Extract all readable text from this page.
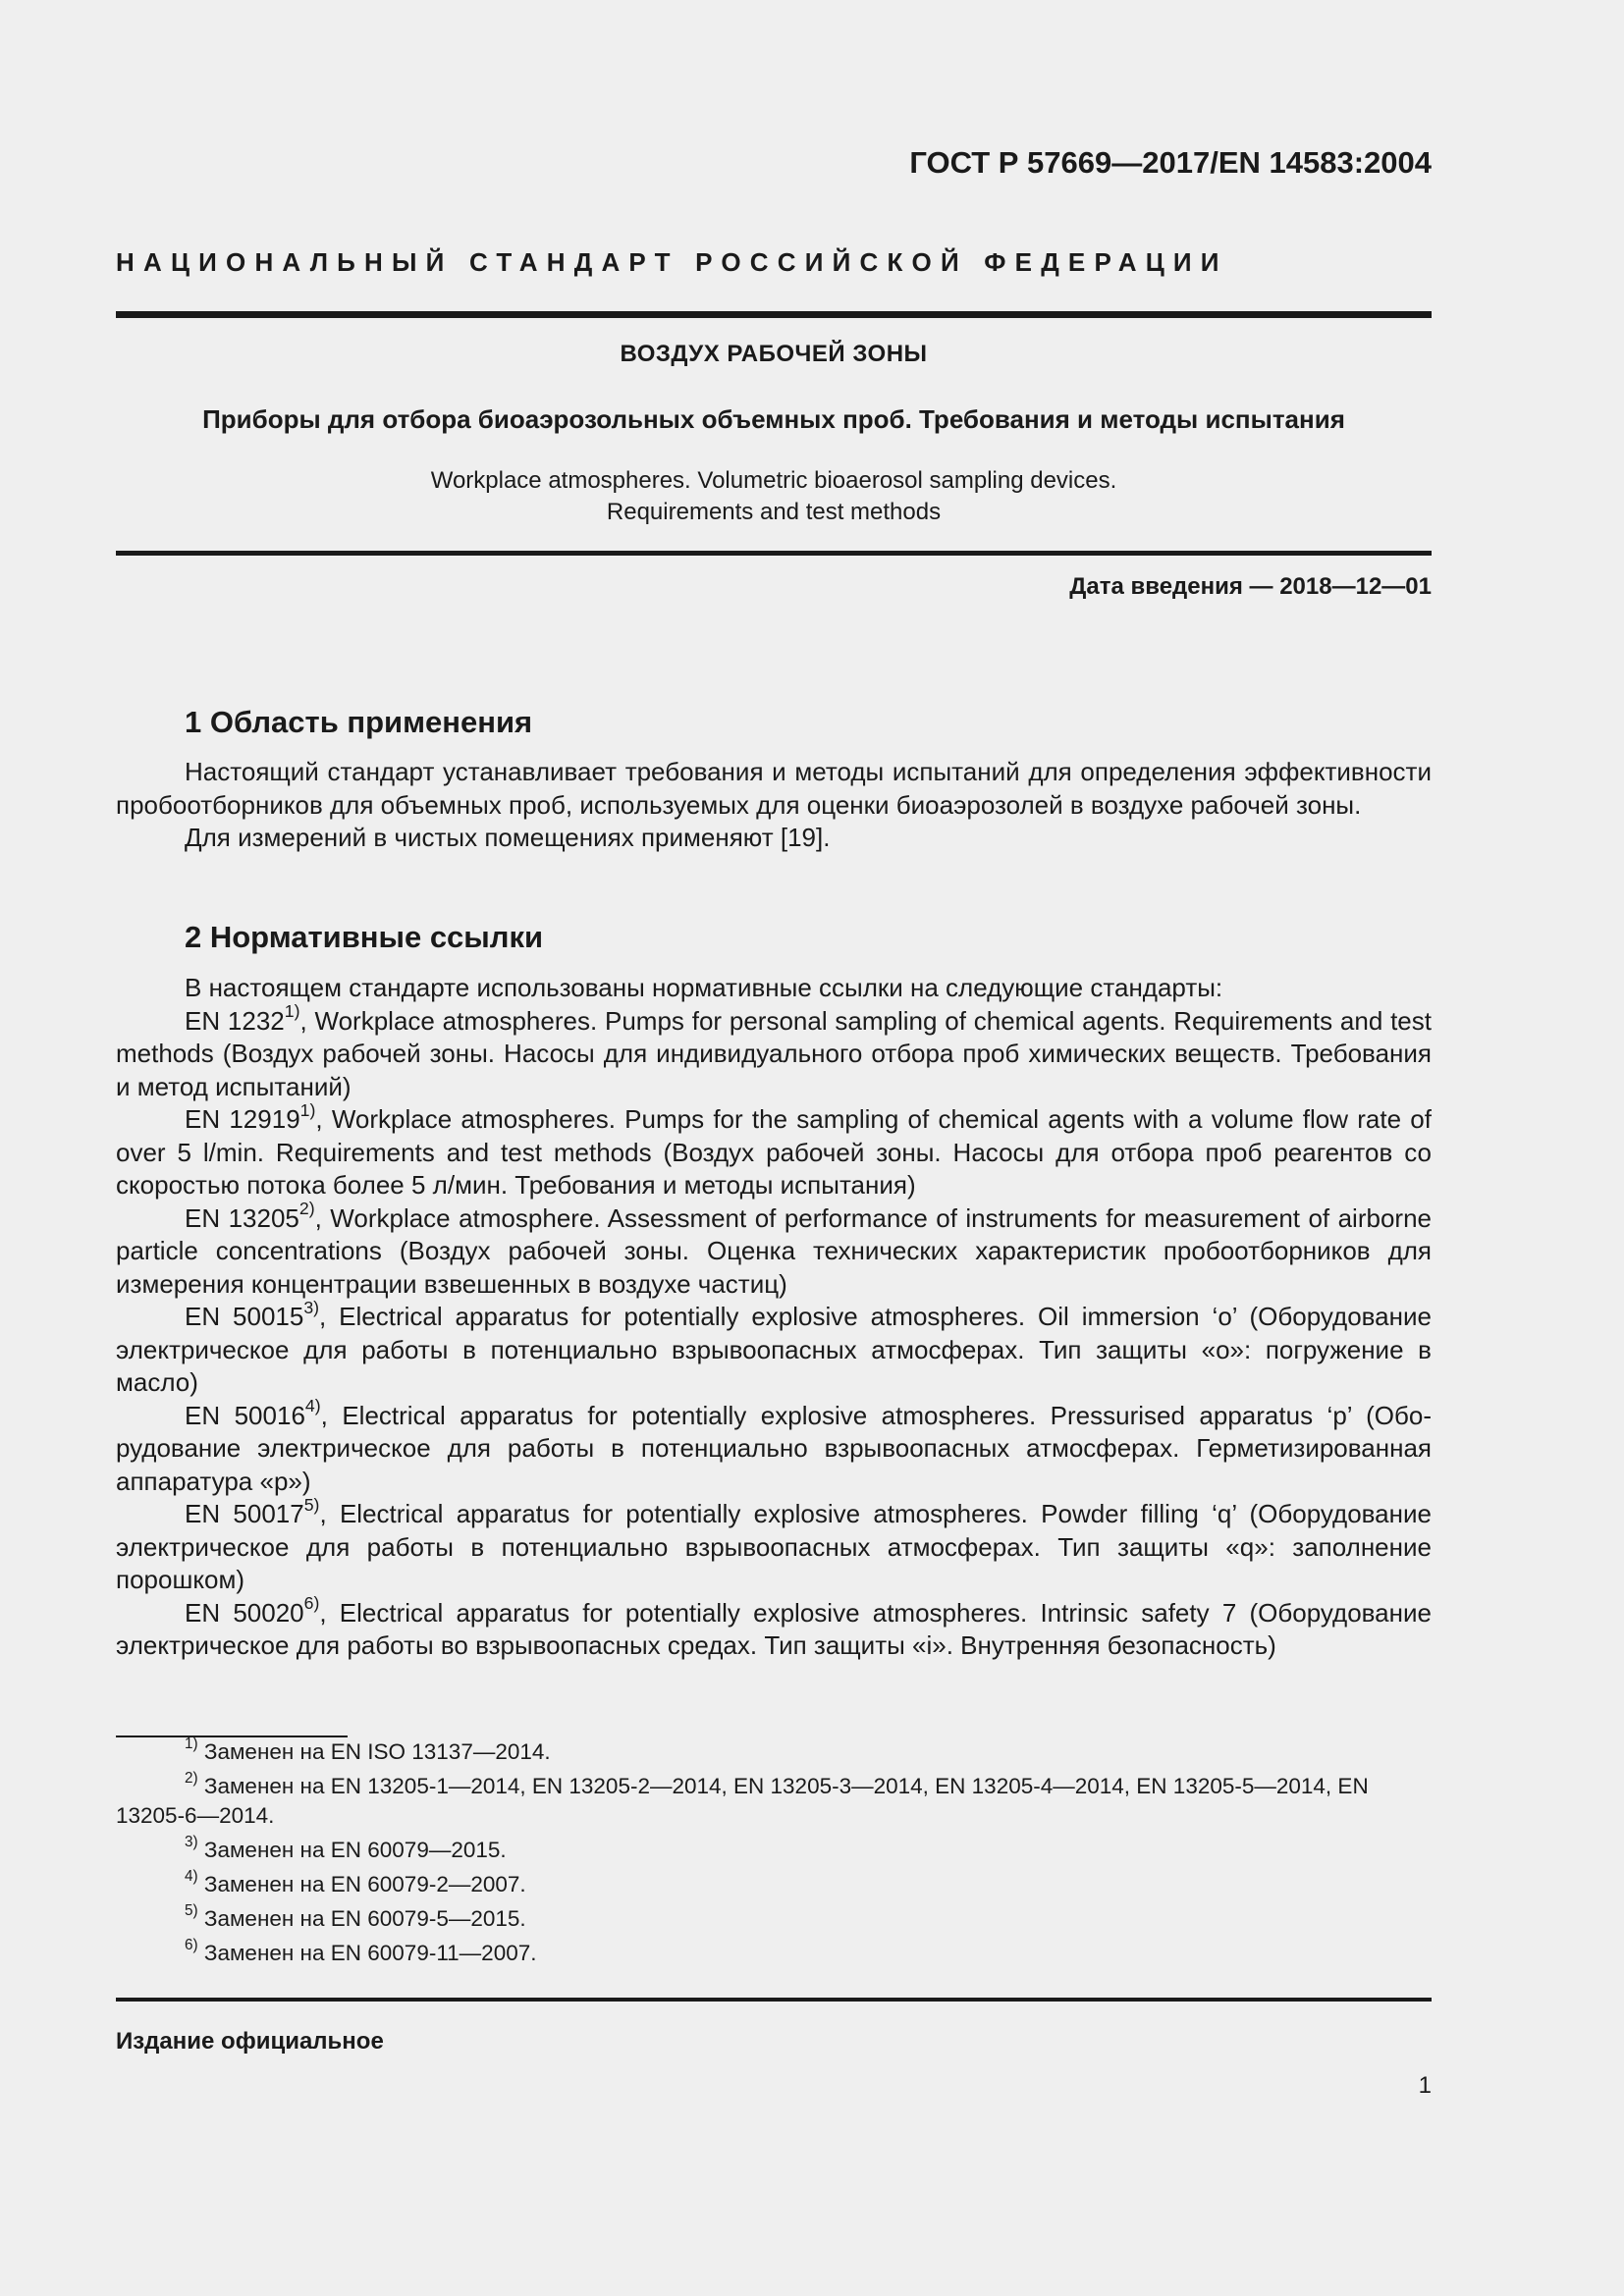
ГОСТ Р 57669—2017/EN 14583:2004
НАЦИОНАЛЬНЫЙ СТАНДАРТ РОССИЙСКОЙ ФЕДЕРАЦИИ
ВОЗДУХ РАБОЧЕЙ ЗОНЫ
Приборы для отбора биоаэрозольных объемных проб. Требования и методы испытания
Workplace atmospheres. Volumetric bioaerosol sampling devices.
Requirements and test methods
Дата введения — 2018—12—01
1 Область применения

Настоящий стандарт устанавливает требования и методы испытаний для определения эффективности пробоотборников для объемных проб, используемых для оценки биоаэрозолей в воздухе рабочей зоны.

Для измерений в чистых помещениях применяют [19].

2 Нормативные ссылки

В настоящем стандарте использованы нормативные ссылки на следующие стандарты:

EN 1232$^{1)}$, Workplace atmospheres. Pumps for personal sampling of chemical agents. Requirements and test methods (Воздух рабочей зоны. Насосы для индивидуального отбора проб химических веществ. Требования и метод испытаний)

EN 12919$^{1)}$, Workplace atmospheres. Pumps for the sampling of chemical agents with a volume flow rate of over 5 l/min. Requirements and test methods (Воздух рабочей зоны. Насосы для отбора проб реагентов со скоростью потока более 5 л/мин. Требования и методы испытания)

EN 13205$^{2)}$, Workplace atmosphere. Assessment of performance of instruments for measurement of airborne particle concentrations (Воздух рабочей зоны. Оценка технических характеристик пробоотборников для измерения концентрации взвешенных в воздухе частиц)

EN 50015$^{3)}$, Electrical apparatus for potentially explosive atmospheres. Oil immersion ‘o’ (Оборудование электрическое для работы в потенциально взрывоопасных атмосферах. Тип защиты «о»: погружение в масло)

EN 50016$^{4)}$, Electrical apparatus for potentially explosive atmospheres. Pressurised apparatus ‘p’ (Оборудование электрическое для работы в потенциально взрывоопасных атмосферах. Герметизированная аппаратура «р»)

EN 50017$^{5)}$, Electrical apparatus for potentially explosive atmospheres. Powder filling ‘q’ (Оборудование электрическое для работы в потенциально взрывоопасных атмосферах. Тип защиты «q»: заполнение порошком)

EN 50020$^{6)}$, Electrical apparatus for potentially explosive atmospheres. Intrinsic safety 7 (Оборудование электрическое для работы во взрывоопасных средах. Тип защиты «i». Внутренняя безопасность)

$^{1)}$ Заменен на EN ISO 13137—2014.

$^{2)}$ Заменен на EN 13205-1—2014, EN 13205-2—2014, EN 13205-3—2014, EN 13205-4—2014, EN 13205-5—2014, EN 13205-6—2014.

$^{3)}$ Заменен на EN 60079—2015.

$^{4)}$ Заменен на EN 60079-2—2007.

$^{5)}$ Заменен на EN 60079-5—2015.

$^{6)}$ Заменен на EN 60079-11—2007.

Издание официальное
1
